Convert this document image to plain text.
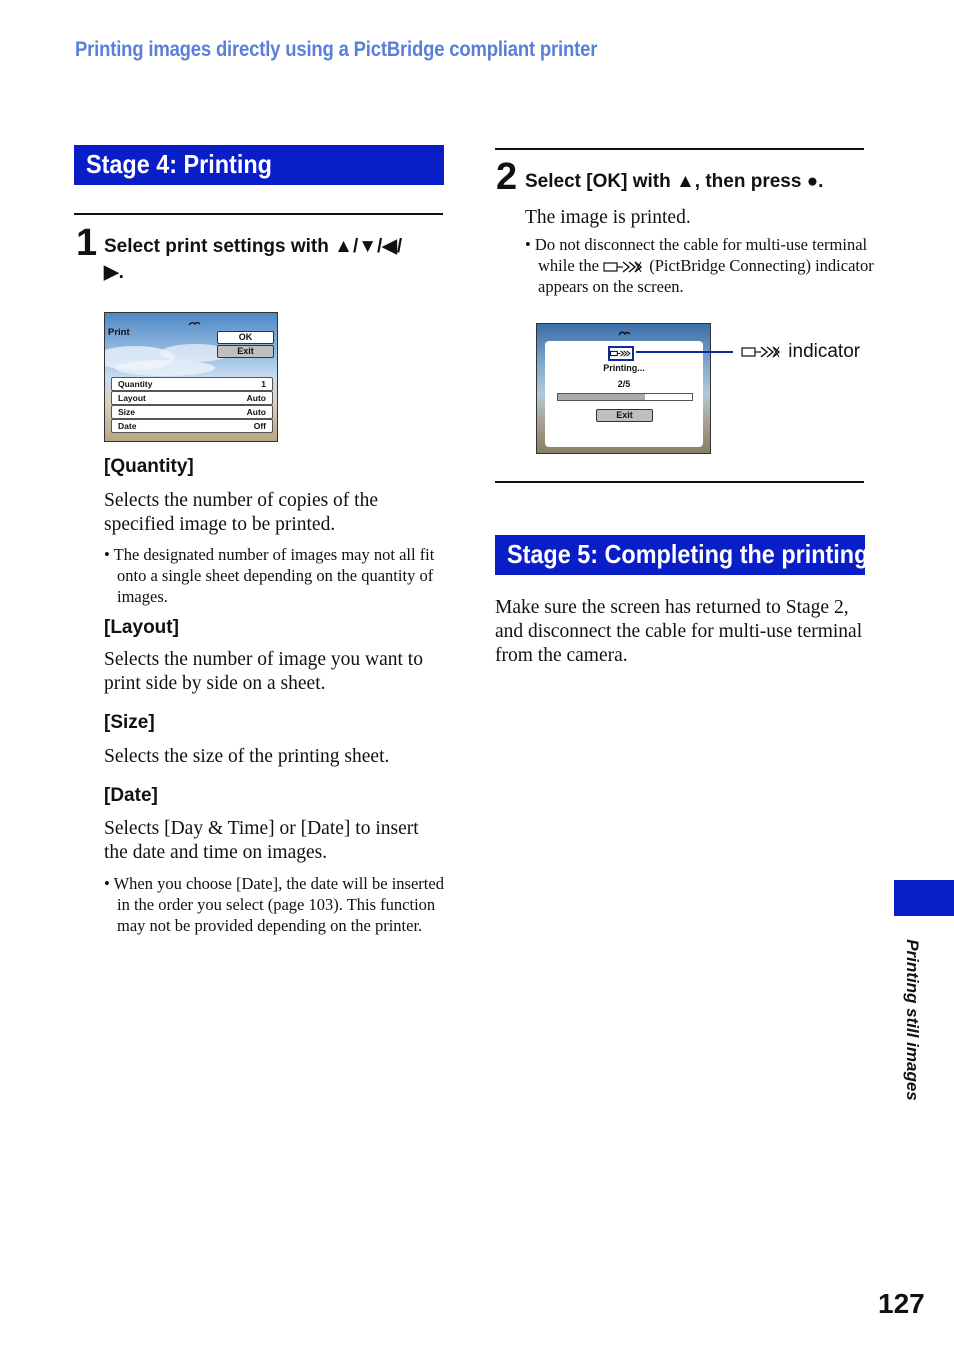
Printing images directly using a PictBridge compliant printer
Stage 4: Printing
1 Select print settings with ▲/▼/◀/
▶.
Print	OK
Exit
Quantity	1
Layout	Auto
Size	Auto
Date	Off
[Quantity]
Selects the number of copies of the specified image to be printed.
• The designated number of images may not all fit onto a single sheet depending on the quantity of images.
[Layout]
Selects the number of image you want to print side by side on a sheet.
[Size]
Selects the size of the printing sheet.
[Date]
Selects [Day & Time] or [Date] to insert the date and time on images.
• When you choose [Date], the date will be inserted in the order you select (page 103). This function may not be provided depending on the printer.
2 Select [OK] with ▲, then press ●.
The image is printed.
• Do not disconnect the cable for multi-use terminal while the	(PictBridge Connecting) indicator appears on the screen.
Printing...
2/5
Exit
indicator
Stage 5: Completing the printing
Make sure the screen has returned to Stage 2, and disconnect the cable for multi-use terminal from the camera.
Printing still images
127
